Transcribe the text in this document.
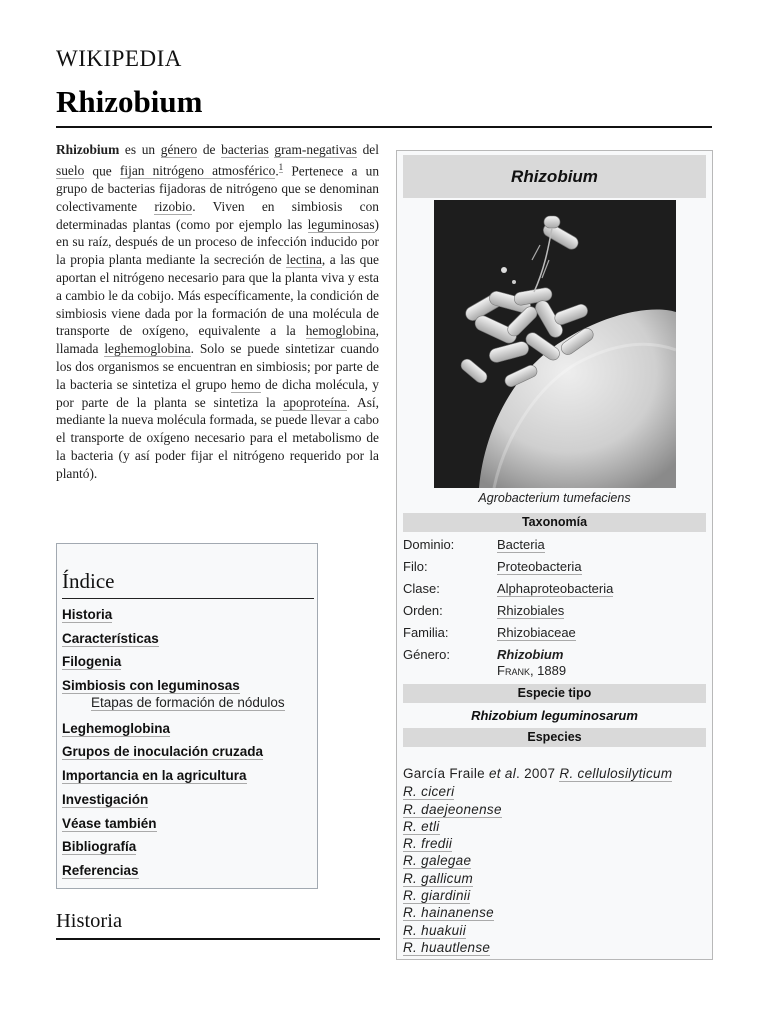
WIKIPEDIA
Rhizobium
Rhizobium es un género de bacterias gram-negativas del suelo que fijan nitrógeno atmosférico.$^1$ Pertenece a un grupo de bacterias fijadoras de nitrógeno que se denominan colectivamente rizobio. Viven en simbiosis con determinadas plantas (como por ejemplo las leguminosas) en su raíz, después de un proceso de infección inducido por la propia planta mediante la secreción de lectina, a las que aportan el nitrógeno necesario para que la planta viva y esta a cambio le da cobijo. Más específicamente, la condición de simbiosis viene dada por la formación de una molécula de transporte de oxígeno, equivalente a la hemoglobina, llamada leghemoglobina. Solo se puede sintetizar cuando los dos organismos se encuentran en simbiosis; por parte de la bacteria se sintetiza el grupo hemo de dicha molécula, y por parte de la planta se sintetiza la apoproteína. Así, mediante la nueva molécula formada, se puede llevar a cabo el transporte de oxígeno necesario para el metabolismo de la bacteria (y así poder fijar el nitrógeno requerido por la plantó).
Índice
Historia
Características
Filogenia
Simbiosis con leguminosas
Etapas de formación de nódulos
Leghemoglobina
Grupos de inoculación cruzada
Importancia en la agricultura
Investigación
Véase también
Bibliografía
Referencias
Historia
Rhizobium
Agrobacterium tumefaciens
Taxonomía
Dominio:	Bacteria
Filo:	Proteobacteria
Clase:	Alphaproteobacteria
Orden:	Rhizobiales
Familia:	Rhizobiaceae
Género:	Rhizobium
Frank, 1889
Especie tipo
Rhizobium leguminosarum
Especies
García Fraile et al. 2007 R. cellulosilyticum
R. ciceri
R. daejeonense
R. etli
R. fredii
R. galegae
R. gallicum
R. giardinii
R. hainanense
R. huakuii
R. huautlense
